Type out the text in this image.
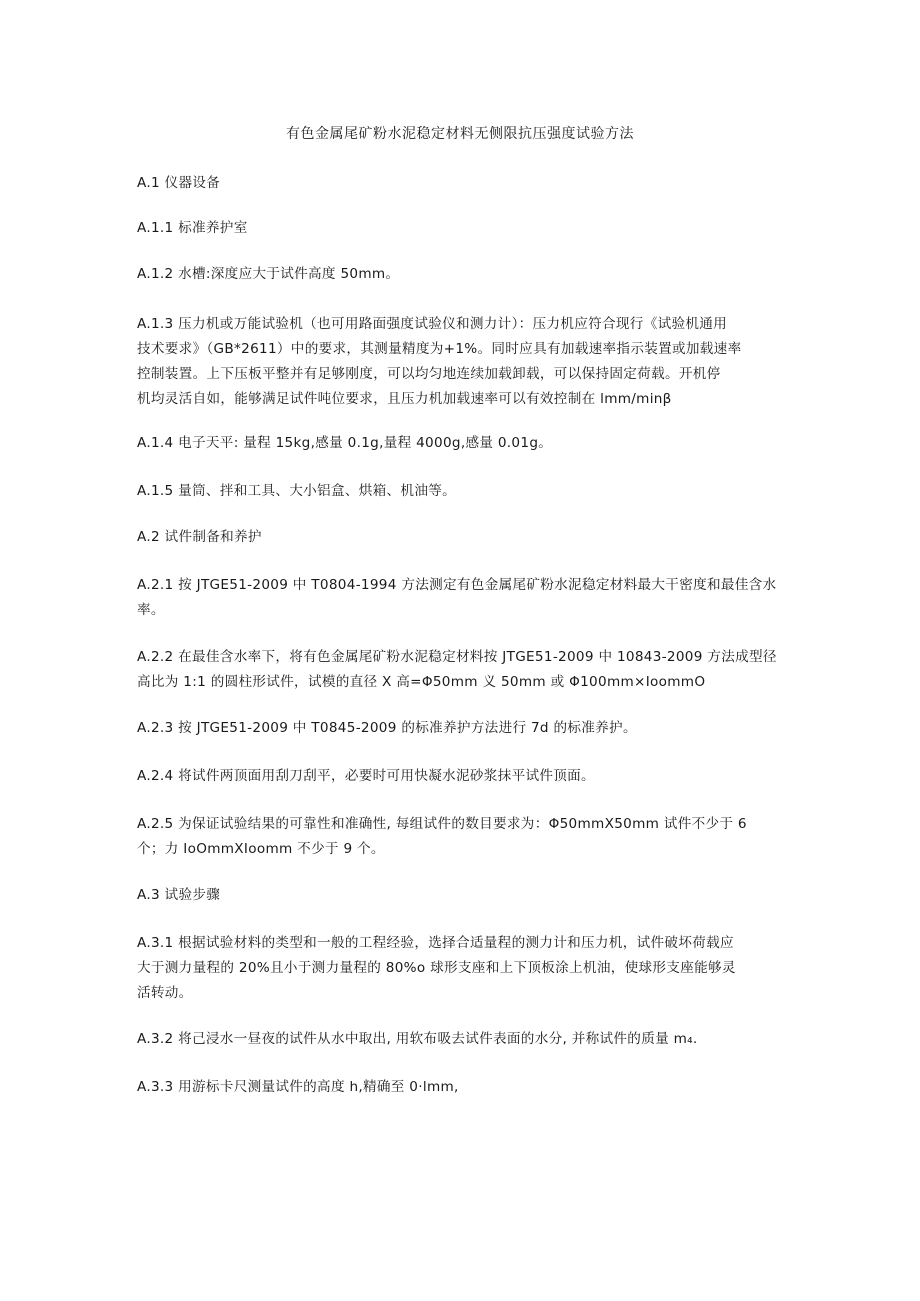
有色金属尾矿粉水泥稳定材料无侧限抗压强度试验方法
A.1 仪器设备
A.1.1 标准养护室
A.1.2 水槽:深度应大于试件高度 50mm。
A.1.3 压力机或万能试验机（也可用路面强度试验仪和测力计）：压力机应符合现行《试验机通用
技术要求》（GB*2611）中的要求，其测量精度为+1%。同时应具有加载速率指示装置或加载速率
控制装置。上下压板平整并有足够刚度，可以均匀地连续加载卸载，可以保持固定荷载。开机停
机均灵活自如，能够满足试件吨位要求，且压力机加载速率可以有效控制在 lmm/minβ
A.1.4 电子天平: 量程 15kg,感量 0.1g,量程 4000g,感量 0.01g。
A.1.5 量筒、拌和工具、大小铝盒、烘箱、机油等。
A.2 试件制备和养护
A.2.1 按 JTGE51-2009 中 T0804-1994 方法测定有色金属尾矿粉水泥稳定材料最大干密度和最佳含水
率。
A.2.2 在最佳含水率下，将有色金属尾矿粉水泥稳定材料按 JTGE51-2009 中 10843-2009 方法成型径
高比为 1:1 的圆柱形试件，试模的直径 X 高=Φ50mm 义 50mm 或 Φ100mm×IoommO
A.2.3 按 JTGE51-2009 中 T0845-2009 的标准养护方法进行 7d 的标准养护。
A.2.4 将试件两顶面用刮刀刮平，必要时可用快凝水泥砂浆抹平试件顶面。
A.2.5 为保证试验结果的可靠性和准确性, 每组试件的数目要求为：Φ50mmX50mm 试件不少于 6
个；力 IoOmmXIoomm 不少于 9 个。
A.3 试验步骤
A.3.1 根据试验材料的类型和一般的工程经验，选择合适量程的测力计和压力机，试件破坏荷载应
大于测力量程的 20%且小于测力量程的 80%o 球形支座和上下顶板涂上机油，使球形支座能够灵
活转动。
A.3.2 将己浸水一昼夜的试件从水中取出, 用软布吸去试件表面的水分, 并称试件的质量 m₄.
A.3.3 用游标卡尺测量试件的高度 h,精确至 0·lmm,
